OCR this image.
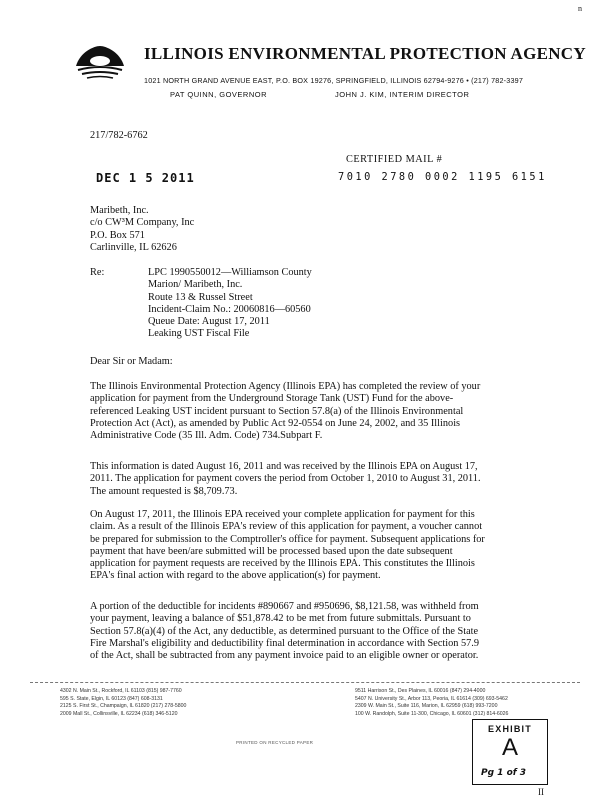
n
ILLINOIS ENVIRONMENTAL PROTECTION AGENCY
1021 NORTH GRAND AVENUE EAST, P.O. BOX 19276, SPRINGFIELD, ILLINOIS 62794-9276 • (217) 782-3397
PAT QUINN, GOVERNOR	JOHN J. KIM, INTERIM DIRECTOR
217/782-6762
CERTIFIED MAIL #
DEC 1 5 2011	7010 2780 0002 1195 6151
Maribeth, Inc.
c/o CW³M Company, Inc
P.O. Box 571
Carlinville, IL 62626
Re:	LPC 1990550012—Williamson County
Marion/ Maribeth, Inc.
Route 13 & Russel Street
Incident-Claim No.: 20060816—60560
Queue Date: August 17, 2011
Leaking UST Fiscal File
Dear Sir or Madam:
The Illinois Environmental Protection Agency (Illinois EPA) has completed the review of your
application for payment from the Underground Storage Tank (UST) Fund for the above-
referenced Leaking UST incident pursuant to Section 57.8(a) of the Illinois Environmental
Protection Act (Act), as amended by Public Act 92-0554 on June 24, 2002, and 35 Illinois
Administrative Code (35 Ill. Adm. Code) 734.Subpart F.
This information is dated August 16, 2011 and was received by the Illinois EPA on August 17,
2011. The application for payment covers the period from October 1, 2010 to August 31, 2011.
The amount requested is $8,709.73.
On August 17, 2011, the Illinois EPA received your complete application for payment for this
claim. As a result of the Illinois EPA's review of this application for payment, a voucher cannot
be prepared for submission to the Comptroller's office for payment. Subsequent applications for
payment that have been/are submitted will be processed based upon the date subsequent
application for payment requests are received by the Illinois EPA. This constitutes the Illinois
EPA's final action with regard to the above application(s) for payment.
A portion of the deductible for incidents #890667 and #950696, $8,121.58, was withheld from
your payment, leaving a balance of $51,878.42 to be met from future submittals. Pursuant to
Section 57.8(a)(4) of the Act, any deductible, as determined pursuant to the Office of the State
Fire Marshal's eligibility and deductibility final determination in accordance with Section 57.9
of the Act, shall be subtracted from any payment invoice paid to an eligible owner or operator.
4302 N. Main St., Rockford, IL 61103 (815) 987-7760
595 S. State, Elgin, IL 60123 (847) 608-3131
2125 S. First St., Champaign, IL 61820 (217) 278-5800
2009 Mall St., Collinsville, IL 62234 (618) 346-5120
9511 Harrison St., Des Plaines, IL 60016 (847) 294-4000
5407 N. University St., Arbor 113, Peoria, IL 61614 (309) 693-5462
2309 W. Main St., Suite 116, Marion, IL 62959 (618) 993-7200
100 W. Randolph, Suite 11-300, Chicago, IL 60601 (312) 814-6026
PRINTED ON RECYCLED PAPER
EXHIBIT
A
Pg 1 of 3
II
